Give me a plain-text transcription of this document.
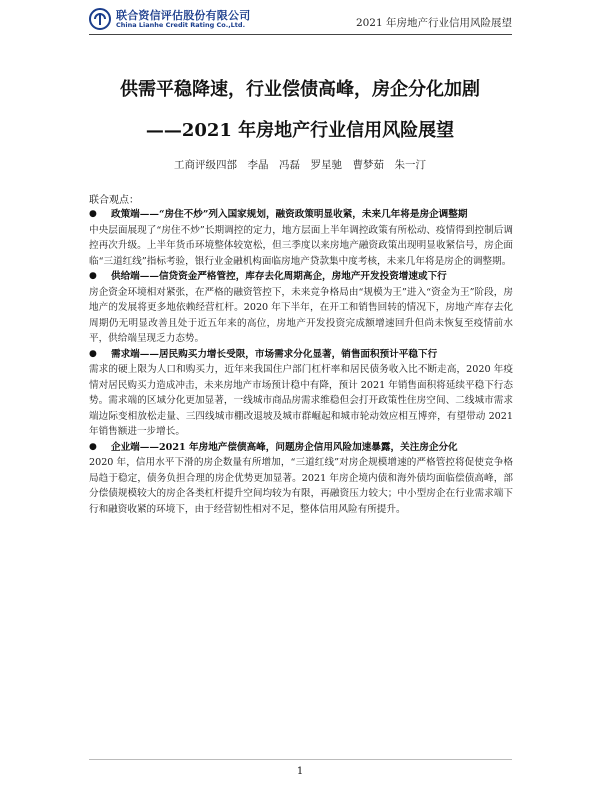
联合资信评估股份有限公司
China Lianhe Credit Rating Co.,Ltd.	2021 年房地产行业信用风险展望
供需平稳降速，行业偿债高峰，房企分化加剧
——2021 年房地产行业信用风险展望
工商评级四部　李晶　冯磊　罗星驰　曹梦茹　朱一汀
联合观点：
●	政策端——“房住不炒”列入国家规划，融资政策明显收紧，未来几年将是房企调整期
中央层面展现了“房住不炒”长期调控的定力，地方层面上半年调控政策有所松动、疫情得到控制后调控再次升级。上半年货币环境整体较宽松，但三季度以来房地产融资政策出现明显收紧信号，房企面临“三道红线”指标考验，银行业金融机构面临房地产贷款集中度考核，未来几年将是房企的调整期。
●	供给端——信贷资金严格管控，库存去化周期高企，房地产开发投资增速或下行
房企资金环境相对紧张，在严格的融资管控下，未来竞争格局由“规模为王”进入“资金为王”阶段，房地产的发展将更多地依赖经营杠杆。2020 年下半年，在开工和销售回转的情况下，房地产库存去化周期仍无明显改善且处于近五年来的高位，房地产开发投资完成额增速回升但尚未恢复至疫情前水平，供给端呈现乏力态势。
●	需求端——居民购买力增长受限，市场需求分化显著，销售面积预计平稳下行
需求的硬上限为人口和购买力，近年来我国住户部门杠杆率和居民债务收入比不断走高，2020 年疫情对居民购买力造成冲击，未来房地产市场预计稳中有降，预计 2021 年销售面积将延续平稳下行态势。需求端的区域分化更加显著，一线城市商品房需求维稳但会打开政策性住房空间、二线城市需求端边际变相放松走量、三四线城市棚改退坡及城市群崛起和城市轮动效应相互博弈，有望带动 2021 年销售额进一步增长。
●	企业端——2021 年房地产偿债高峰，问题房企信用风险加速暴露，关注房企分化
2020 年，信用水平下滑的房企数量有所增加，“三道红线”对房企规模增速的严格管控将促使竞争格局趋于稳定，债务负担合理的房企优势更加显著。2021 年房企境内债和海外债均面临偿债高峰，部分偿债规模较大的房企各类杠杆提升空间均较为有限，再融资压力较大；中小型房企在行业需求端下行和融资收紧的环境下，由于经营韧性相对不足，整体信用风险有所提升。
1
